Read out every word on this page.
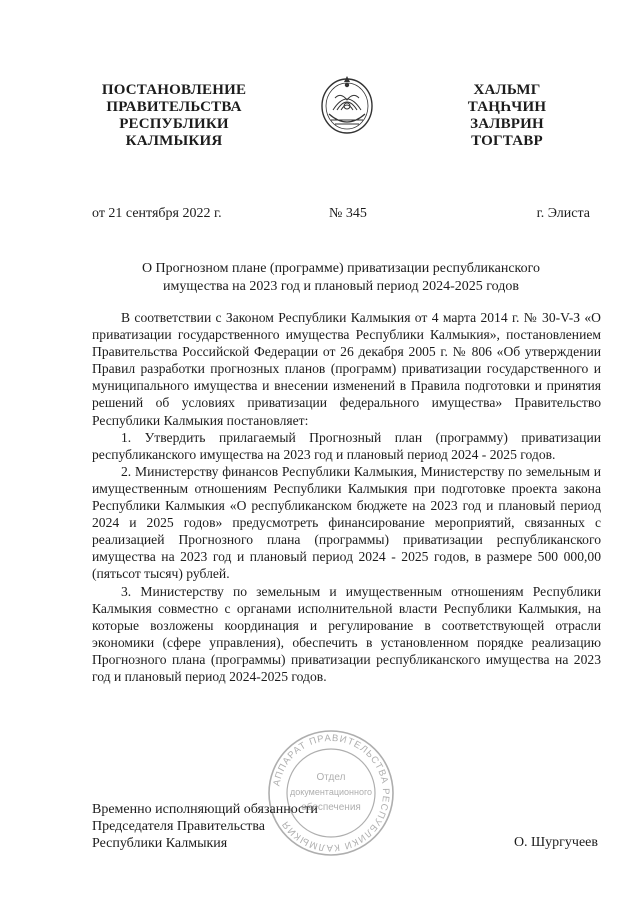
ПОСТАНОВЛЕНИЕ
ПРАВИТЕЛЬСТВА
РЕСПУБЛИКИ
КАЛМЫКИЯ
ХАЛЬМГ
ТАҢҺЧИН
ЗАЛВРИН
ТОГТАВР
от 21 сентября 2022 г.	№ 345	г. Элиста
О Прогнозном плане (программе) приватизации республиканского
имущества на 2023 год и плановый период 2024-2025 годов

В соответствии с Законом Республики Калмыкия от 4 марта 2014 г. № 30-V-З «О приватизации государственного имущества Республики Калмыкия», постановлением Правительства Российской Федерации от 26 декабря 2005 г. № 806 «Об утверждении Правил разработки прогнозных планов (программ) приватизации государственного и муниципального имущества и внесении изменений в Правила подготовки и принятия решений об условиях приватизации федерального имущества» Правительство Республики Калмыкия постановляет:

1. Утвердить прилагаемый Прогнозный план (программу) приватизации республиканского имущества на 2023 год и плановый период 2024 - 2025 годов.

2. Министерству финансов Республики Калмыкия, Министерству по земельным и имущественным отношениям Республики Калмыкия при подготовке проекта закона Республики Калмыкия «О республиканском бюджете на 2023 год и плановый период 2024 и 2025 годов» предусмотреть финансирование мероприятий, связанных с реализацией Прогнозного плана (программы) приватизации республиканского имущества на 2023 год и плановый период 2024 - 2025 годов, в размере 500 000,00 (пятьсот тысяч) рублей.

3. Министерству по земельным и имущественным отношениям Республики Калмыкия совместно с органами исполнительной власти Республики Калмыкия, на которые возложены координация и регулирование в соответствующей отрасли экономики (сфере управления), обеспечить в установленном порядке реализацию Прогнозного плана (программы) приватизации республиканского имущества на 2023 год и плановый период 2024-2025 годов.

АППАРАТ ПРАВИТЕЛЬСТВА РЕСПУБЛИКИ КАЛМЫКИЯ
Отдел
документационного
обеспечения
Временно исполняющий обязанности
Председателя Правительства
Республики Калмыкия	О. Шургучеев
